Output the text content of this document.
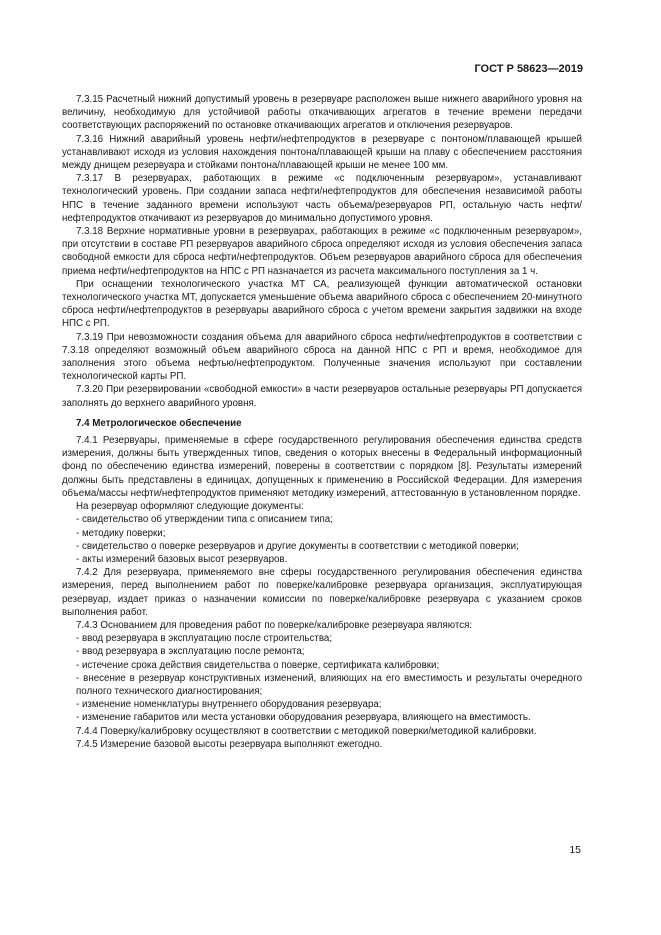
ГОСТ Р 58623—2019

7.3.15 Расчетный нижний допустимый уровень в резервуаре расположен выше нижнего аварийного уровня на величину, необходимую для устойчивой работы откачивающих агрегатов в течение времени передачи соответствующих распоряжений по остановке откачивающих агрегатов и отключения резервуаров.

7.3.16 Нижний аварийный уровень нефти/нефтепродуктов в резервуаре с понтоном/плавающей крышей устанавливают исходя из условия нахождения понтона/плавающей крыши на плаву с обеспечением расстояния между днищем резервуара и стойками понтона/плавающей крыши не менее 100 мм.

7.3.17 В резервуарах, работающих в режиме «с подключенным резервуаром», устанавливают технологический уровень. При создании запаса нефти/нефтепродуктов для обеспечения независимой работы НПС в течение заданного времени используют часть объема/резервуаров РП, остальную часть нефти/нефтепродуктов откачивают из резервуаров до минимально допустимого уровня.

7.3.18 Верхние нормативные уровни в резервуарах, работающих в режиме «с подключенным резервуаром», при отсутствии в составе РП резервуаров аварийного сброса определяют исходя из условия обеспечения запаса свободной емкости для сброса нефти/нефтепродуктов. Объем резервуаров аварийного сброса для обеспечения приема нефти/нефтепродуктов на НПС с РП назначается из расчета максимального поступления за 1 ч.

При оснащении технологического участка МТ СА, реализующей функции автоматической остановки технологического участка МТ, допускается уменьшение объема аварийного сброса с обеспечением 20-минутного сброса нефти/нефтепродуктов в резервуары аварийного сброса с учетом времени закрытия задвижки на входе НПС с РП.

7.3.19 При невозможности создания объема для аварийного сброса нефти/нефтепродуктов в соответствии с 7.3.18 определяют возможный объем аварийного сброса на данной НПС с РП и время, необходимое для заполнения этого объема нефтью/нефтепродуктом. Полученные значения используют при составлении технологической карты РП.

7.3.20 При резервировании «свободной емкости» в части резервуаров остальные резервуары РП допускается заполнять до верхнего аварийного уровня.

7.4 Метрологическое обеспечение

7.4.1 Резервуары, применяемые в сфере государственного регулирования обеспечения единства средств измерения, должны быть утвержденных типов, сведения о которых внесены в Федеральный информационный фонд по обеспечению единства измерений, поверены в соответствии с порядком [8]. Результаты измерений должны быть представлены в единицах, допущенных к применению в Российской Федерации. Для измерения объема/массы нефти/нефтепродуктов применяют методику измерений, аттестованную в установленном порядке.

На резервуар оформляют следующие документы:

- свидетельство об утверждении типа с описанием типа;

- методику поверки;

- свидетельство о поверке резервуаров и другие документы в соответствии с методикой поверки;

- акты измерений базовых высот резервуаров.

7.4.2 Для резервуара, применяемого вне сферы государственного регулирования обеспечения единства измерения, перед выполнением работ по поверке/калибровке резервуара организация, эксплуатирующая резервуар, издает приказ о назначении комиссии по поверке/калибровке резервуара с указанием сроков выполнения работ.

7.4.3 Основанием для проведения работ по поверке/калибровке резервуара являются:

- ввод резервуара в эксплуатацию после строительства;

- ввод резервуара в эксплуатацию после ремонта;

- истечение срока действия свидетельства о поверке, сертификата калибровки;

- внесение в резервуар конструктивных изменений, влияющих на его вместимость и результаты очередного полного технического диагностирования;

- изменение номенклатуры внутреннего оборудования резервуара;

- изменение габаритов или места установки оборудования резервуара, влияющего на вместимость.

7.4.4 Поверку/калибровку осуществляют в соответствии с методикой поверки/методикой калибровки.

7.4.5 Измерение базовой высоты резервуара выполняют ежегодно.

15
